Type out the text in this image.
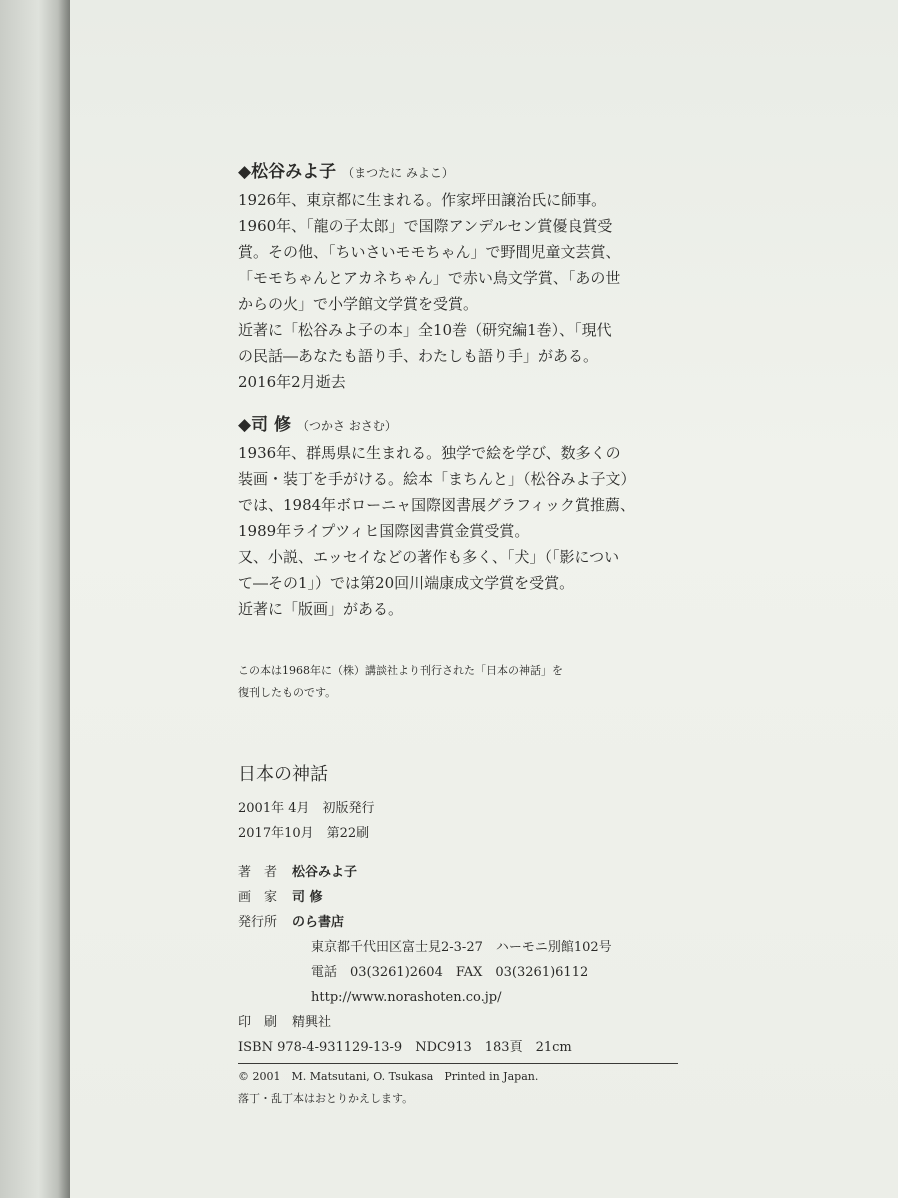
◆松谷みよ子 （まつたに みよこ）
1926年、東京都に生まれる。作家坪田譲治氏に師事。
1960年、「龍の子太郎」で国際アンデルセン賞優良賞受
賞。その他、「ちいさいモモちゃん」で野間児童文芸賞、
「モモちゃんとアカネちゃん」で赤い鳥文学賞、「あの世
からの火」で小学館文学賞を受賞。
近著に「松谷みよ子の本」全10巻（研究編1巻）、「現代
の民話―あなたも語り手、わたしも語り手」がある。
2016年2月逝去
◆司 修 （つかさ おさむ）
1936年、群馬県に生まれる。独学で絵を学び、数多くの
装画・装丁を手がける。絵本「まちんと」（松谷みよ子文）
では、1984年ボローニャ国際図書展グラフィック賞推薦、
1989年ライプツィヒ国際図書賞金賞受賞。
又、小説、エッセイなどの著作も多く、「犬」（「影につい
て―その1」）では第20回川端康成文学賞を受賞。
近著に「版画」がある。
この本は1968年に（株）講談社より刊行された「日本の神話」を
復刊したものです。
日本の神話
2001年 4月　初版発行
2017年10月　第22刷
著　者 松谷みよ子
画　家 司 修
発行所 のら書店
東京都千代田区富士見2-3-27　ハーモニ別館102号
電話　03(3261)2604　FAX　03(3261)6112
http://www.norashoten.co.jp/
印　刷 精興社
ISBN 978-4-931129-13-9　NDC913　183頁　21cm
© 2001　M. Matsutani, O. Tsukasa　Printed in Japan.
落丁・乱丁本はおとりかえします。
